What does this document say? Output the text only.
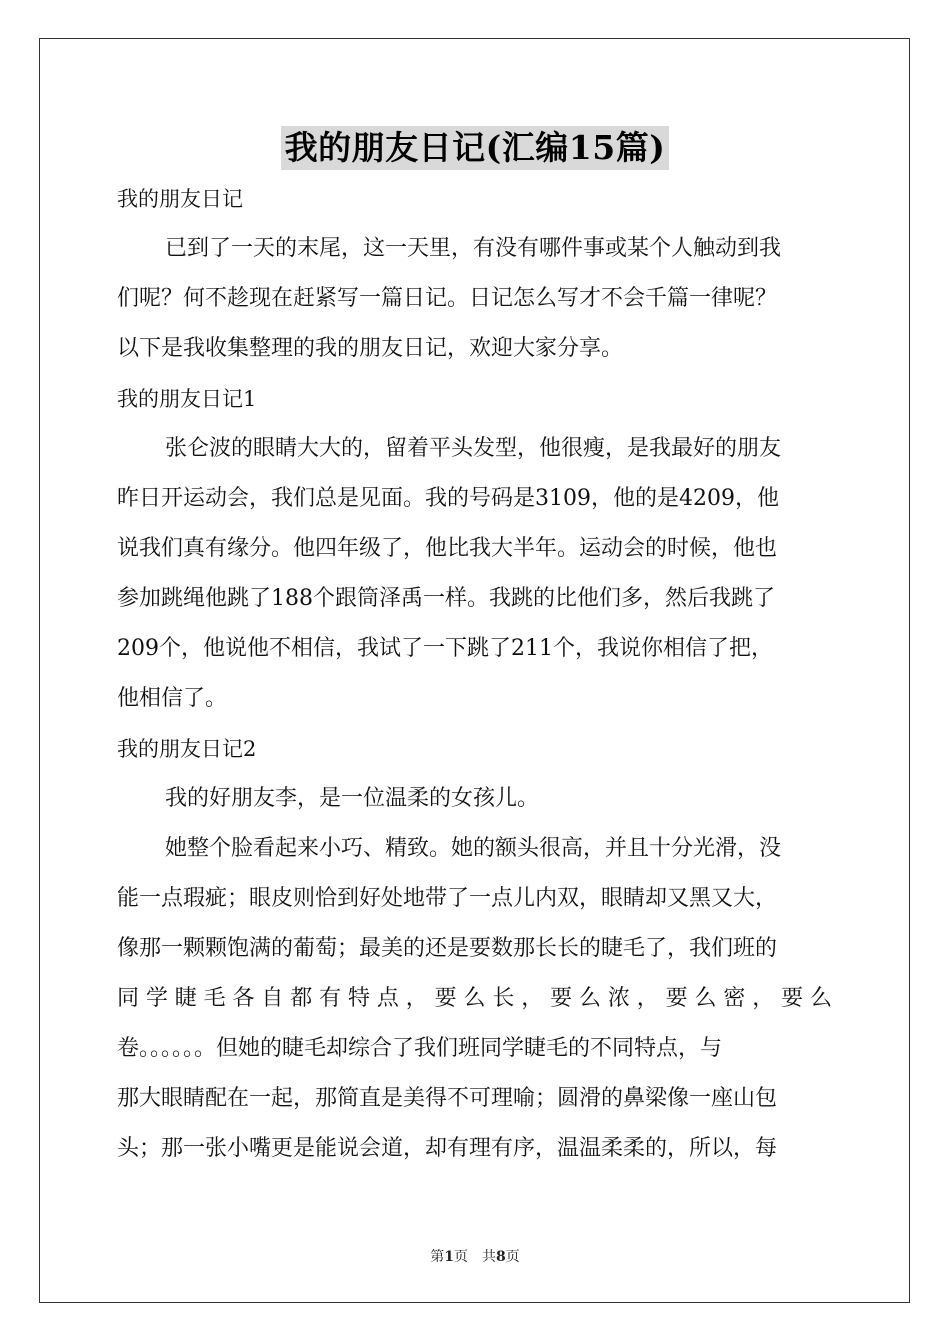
我的朋友日记(汇编15篇)
我的朋友日记
已到了一天的末尾，这一天里，有没有哪件事或某个人触动到我
们呢？何不趁现在赶紧写一篇日记。日记怎么写才不会千篇一律呢？
以下是我收集整理的我的朋友日记，欢迎大家分享。
我的朋友日记1
张仑波的眼睛大大的，留着平头发型，他很瘦，是我最好的朋友
昨日开运动会，我们总是见面。我的号码是3109，他的是4209，他
说我们真有缘分。他四年级了，他比我大半年。运动会的时候，他也
参加跳绳他跳了188个跟筒泽禹一样。我跳的比他们多，然后我跳了
209个，他说他不相信，我试了一下跳了211个，我说你相信了把，
他相信了。
我的朋友日记2
我的好朋友李，是一位温柔的女孩儿。
她整个脸看起来小巧、精致。她的额头很高，并且十分光滑，没
能一点瑕疵；眼皮则恰到好处地带了一点儿内双，眼睛却又黑又大，
像那一颗颗饱满的葡萄；最美的还是要数那长长的睫毛了，我们班的
同学睫毛各自都有特点，要么长，要么浓，要么密，要么
卷。。。。。。但她的睫毛却综合了我们班同学睫毛的不同特点，与
那大眼睛配在一起，那简直是美得不可理喻；圆滑的鼻梁像一座山包
头；那一张小嘴更是能说会道，却有理有序，温温柔柔的，所以，每
第1页 共8页
